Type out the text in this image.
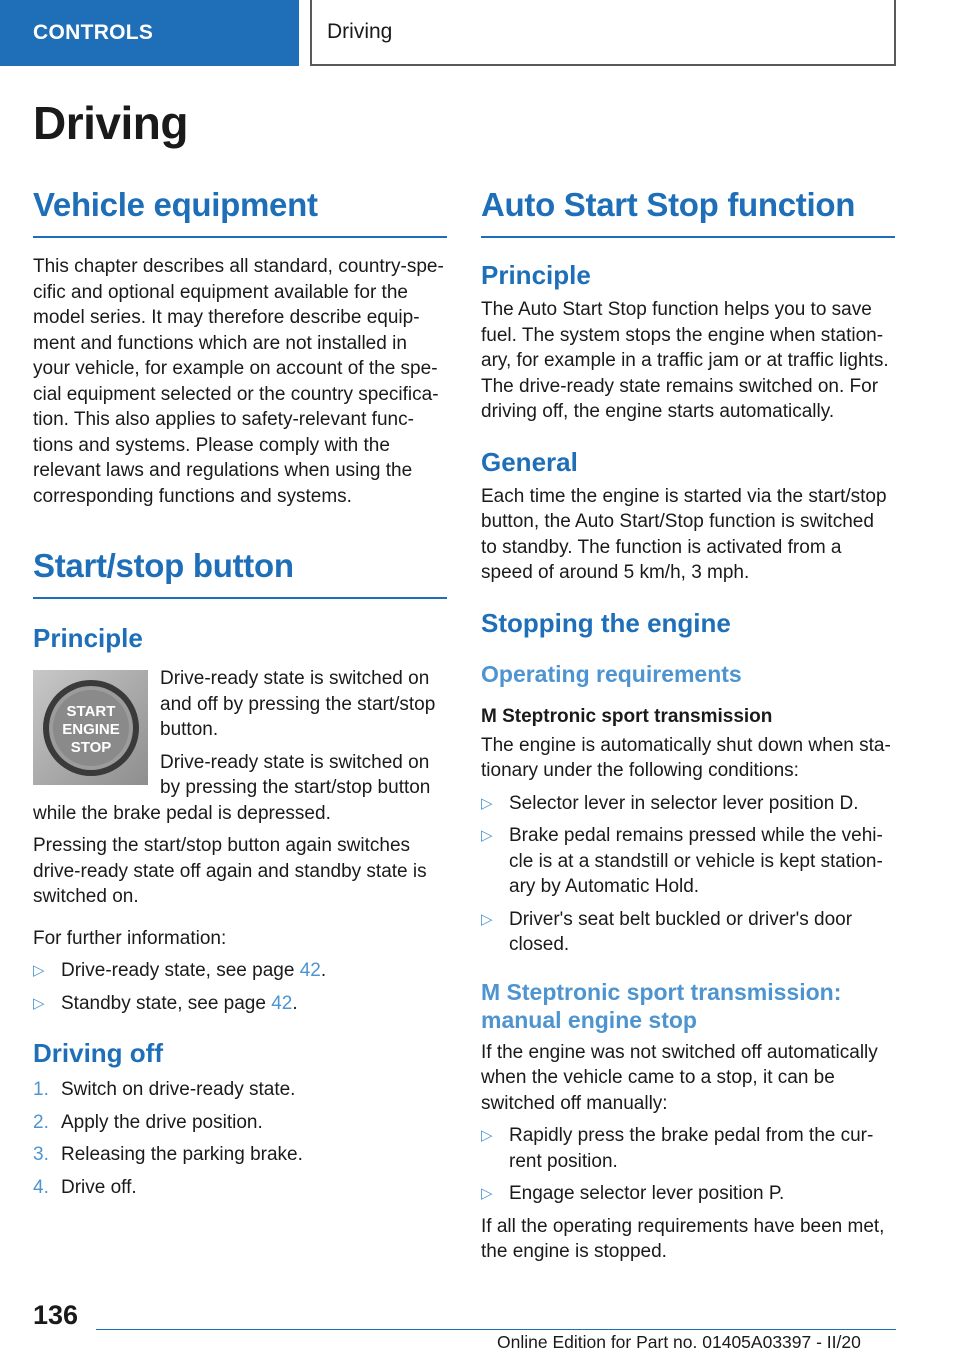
CONTROLS	Driving
Driving
Vehicle equipment

This chapter describes all standard, country-specific and optional equipment available for the model series. It may therefore describe equipment and functions which are not installed in your vehicle, for example on account of the special equipment selected or the country specification. This also applies to safety-relevant functions and systems. Please comply with the relevant laws and regulations when using the corresponding functions and systems.

Start/stop button
Principle
START
ENGINE
STOP

Drive-ready state is switched on and off by pressing the start/stop button.

Drive-ready state is switched on by pressing the start/stop button while the brake pedal is depressed.

Pressing the start/stop button again switches drive-ready state off again and standby state is switched on.

For further information:

▷ Drive-ready state, see page 42.
▷ Standby state, see page 42.
Driving off
1. Switch on drive-ready state.
2. Apply the drive position.
3. Releasing the parking brake.
4. Drive off.
Auto Start Stop function
Principle

The Auto Start Stop function helps you to save fuel. The system stops the engine when stationary, for example in a traffic jam or at traffic lights. The drive-ready state remains switched on. For driving off, the engine starts automatically.

General

Each time the engine is started via the start/stop button, the Auto Start/Stop function is switched to standby. The function is activated from a speed of around 5 km/h, 3 mph.

Stopping the engine
Operating requirements
M Steptronic sport transmission

The engine is automatically shut down when stationary under the following conditions:

▷ Selector lever in selector lever position D.
▷ Brake pedal remains pressed while the vehicle is at a standstill or vehicle is kept stationary by Automatic Hold.
▷ Driver's seat belt buckled or driver's door closed.
M Steptronic sport transmission: manual engine stop

If the engine was not switched off automatically when the vehicle came to a stop, it can be switched off manually:

▷ Rapidly press the brake pedal from the current position.
▷ Engage selector lever position P.

If all the operating requirements have been met, the engine is stopped.

136
Online Edition for Part no. 01405A03397 - II/20
